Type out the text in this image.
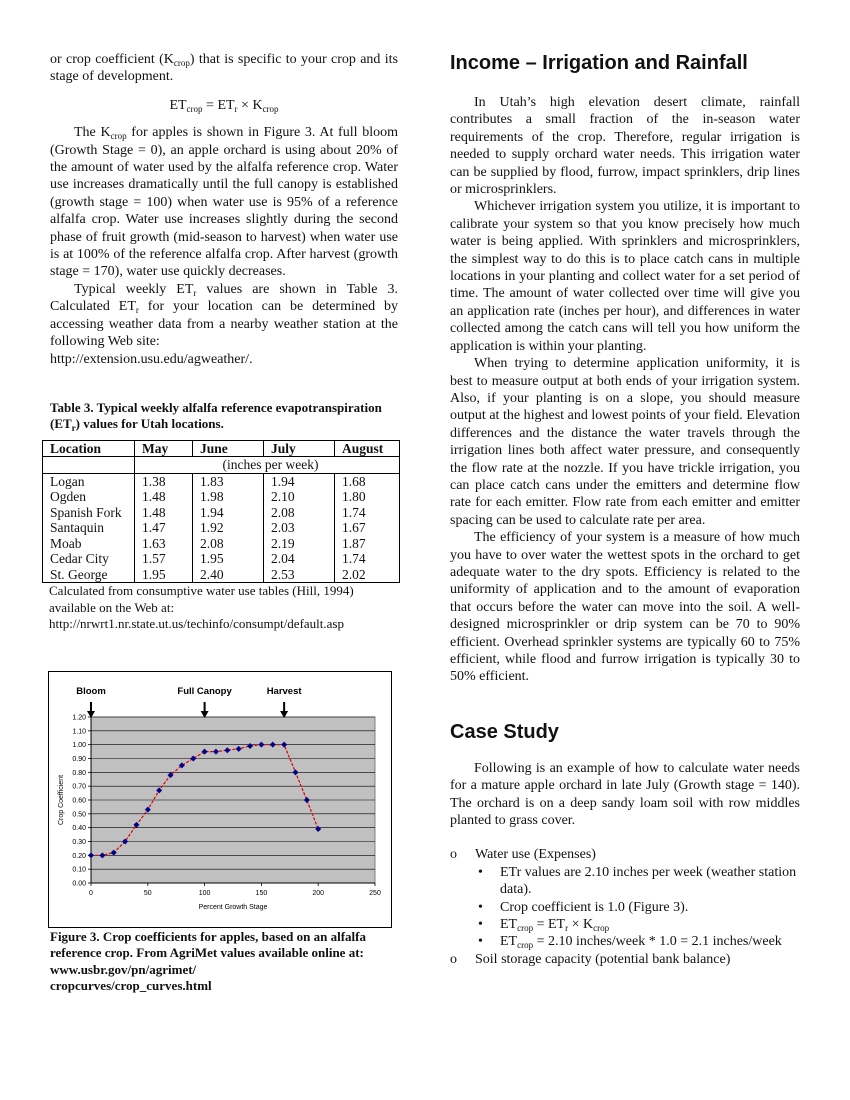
or crop coefficient $(K_{crop})$ that is specific to your crop and its stage of development.

$ET_{crop} = ET_r \times K_{crop}$

The $K_{crop}$ for apples is shown in Figure 3. At full bloom (Growth Stage = 0), an apple orchard is using about 20% of the amount of water used by the alfalfa reference crop. Water use increases dramatically until the full canopy is established (growth stage = 100) when water use is 95% of a reference alfalfa crop. Water use increases slightly during the second phase of fruit growth (mid-season to harvest) when water use is at 100% of the reference alfalfa crop. After harvest (growth stage = 170), water use quickly decreases.

Typical weekly $ET_r$ values are shown in Table 3. Calculated $ET_r$ for your location can be determined by accessing weather data from a nearby weather station at the following Web site:

http://extension.usu.edu/agweather/.

Table 3. Typical weekly alfalfa reference evapotranspiration $(ET_r)$ values for Utah locations.
Location	May	June	July	August
	(inches per week)			
Logan	1.38	1.83	1.94	1.68
Ogden	1.48	1.98	2.10	1.80
Spanish Fork	1.48	1.94	2.08	1.74
Santaquin	1.47	1.92	2.03	1.67
Moab	1.63	2.08	2.19	1.87
Cedar City	1.57	1.95	2.04	1.74
St. George	1.95	2.40	2.53	2.02

Calculated from consumptive water use tables (Hill, 1994) available on the Web at:

http://nrwrt1.nr.state.ut.us/techinfo/consumpt/default.asp

0.00
0.10
0.20
0.30
0.40
0.50
0.60
0.70
0.80
0.90
1.00
1.10
1.20
0	50	100	150	200	250
Percent Growth Stage
Crop Coefficient
Bloom	Full Canopy	Harvest
Figure 3. Crop coefficients for apples, based on an alfalfa reference crop. From AgriMet values available online at:
www.usbr.gov/pn/agrimet/
cropcurves/crop_curves.html
Income – Irrigation and Rainfall

In Utah’s high elevation desert climate, rainfall contributes a small fraction of the in-season water requirements of the crop. Therefore, regular irrigation is needed to supply orchard water needs. This irrigation water can be supplied by flood, furrow, impact sprinklers, drip lines or microsprinklers.

Whichever irrigation system you utilize, it is important to calibrate your system so that you know precisely how much water is being applied. With sprinklers and microsprinklers, the simplest way to do this is to place catch cans in multiple locations in your planting and collect water for a set period of time. The amount of water collected over time will give you an application rate (inches per hour), and differences in water collected among the catch cans will tell you how uniform the application is within your planting.

When trying to determine application uniformity, it is best to measure output at both ends of your irrigation system. Also, if your planting is on a slope, you should measure output at the highest and lowest points of your field. Elevation differences and the distance the water travels through the irrigation lines both affect water pressure, and consequently the flow rate at the nozzle. If you have trickle irrigation, you can place catch cans under the emitters and determine flow rate for each emitter. Flow rate from each emitter and emitter spacing can be used to calculate rate per area.

The efficiency of your system is a measure of how much you have to over water the wettest spots in the orchard to get adequate water to the dry spots. Efficiency is related to the uniformity of application and to the amount of evaporation that occurs before the water can move into the soil. A well-designed microsprinkler or drip system can be 70 to 90% efficient. Overhead sprinkler systems are typically 60 to 75% efficient, while flood and furrow irrigation is typically 30 to 50% efficient.

Case Study

Following is an example of how to calculate water needs for a mature apple orchard in late July (Growth stage = 140). The orchard is on a deep sandy loam soil with row middles planted to grass cover.

o Water use (Expenses)
• ETr values are 2.10 inches per week (weather station data).
• Crop coefficient is 1.0 (Figure 3).
• $ET_{crop} = ET_r \times K_{crop}$
• $ET_{crop} = 2.10$ inches/week * 1.0 = 2.1 inches/week
o Soil storage capacity (potential bank balance)
